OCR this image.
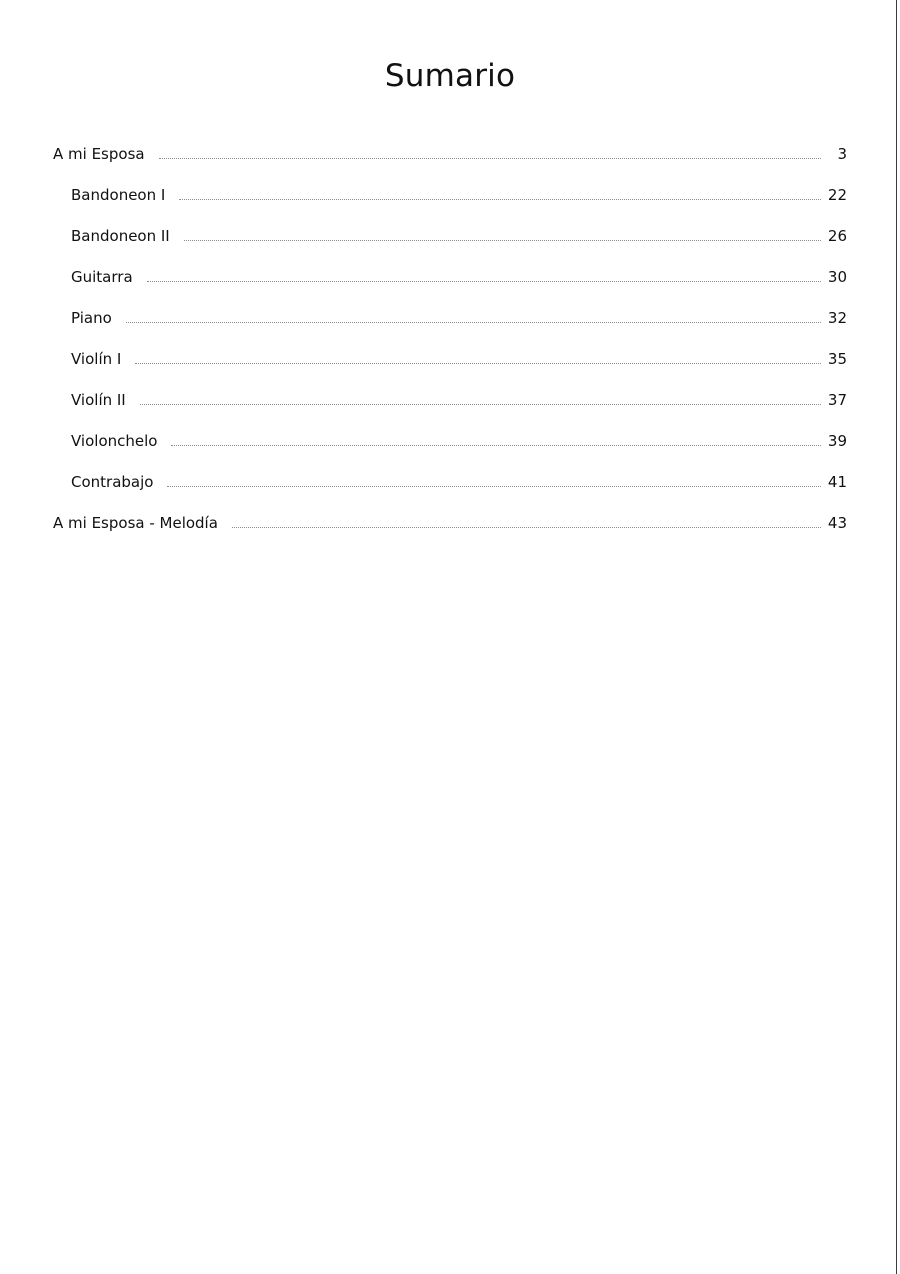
Sumario
A mi Esposa	3
Bandoneon I	22
Bandoneon II	26
Guitarra	30
Piano	32
Violín I	35
Violín II	37
Violonchelo	39
Contrabajo	41
A mi Esposa - Melodía	43
